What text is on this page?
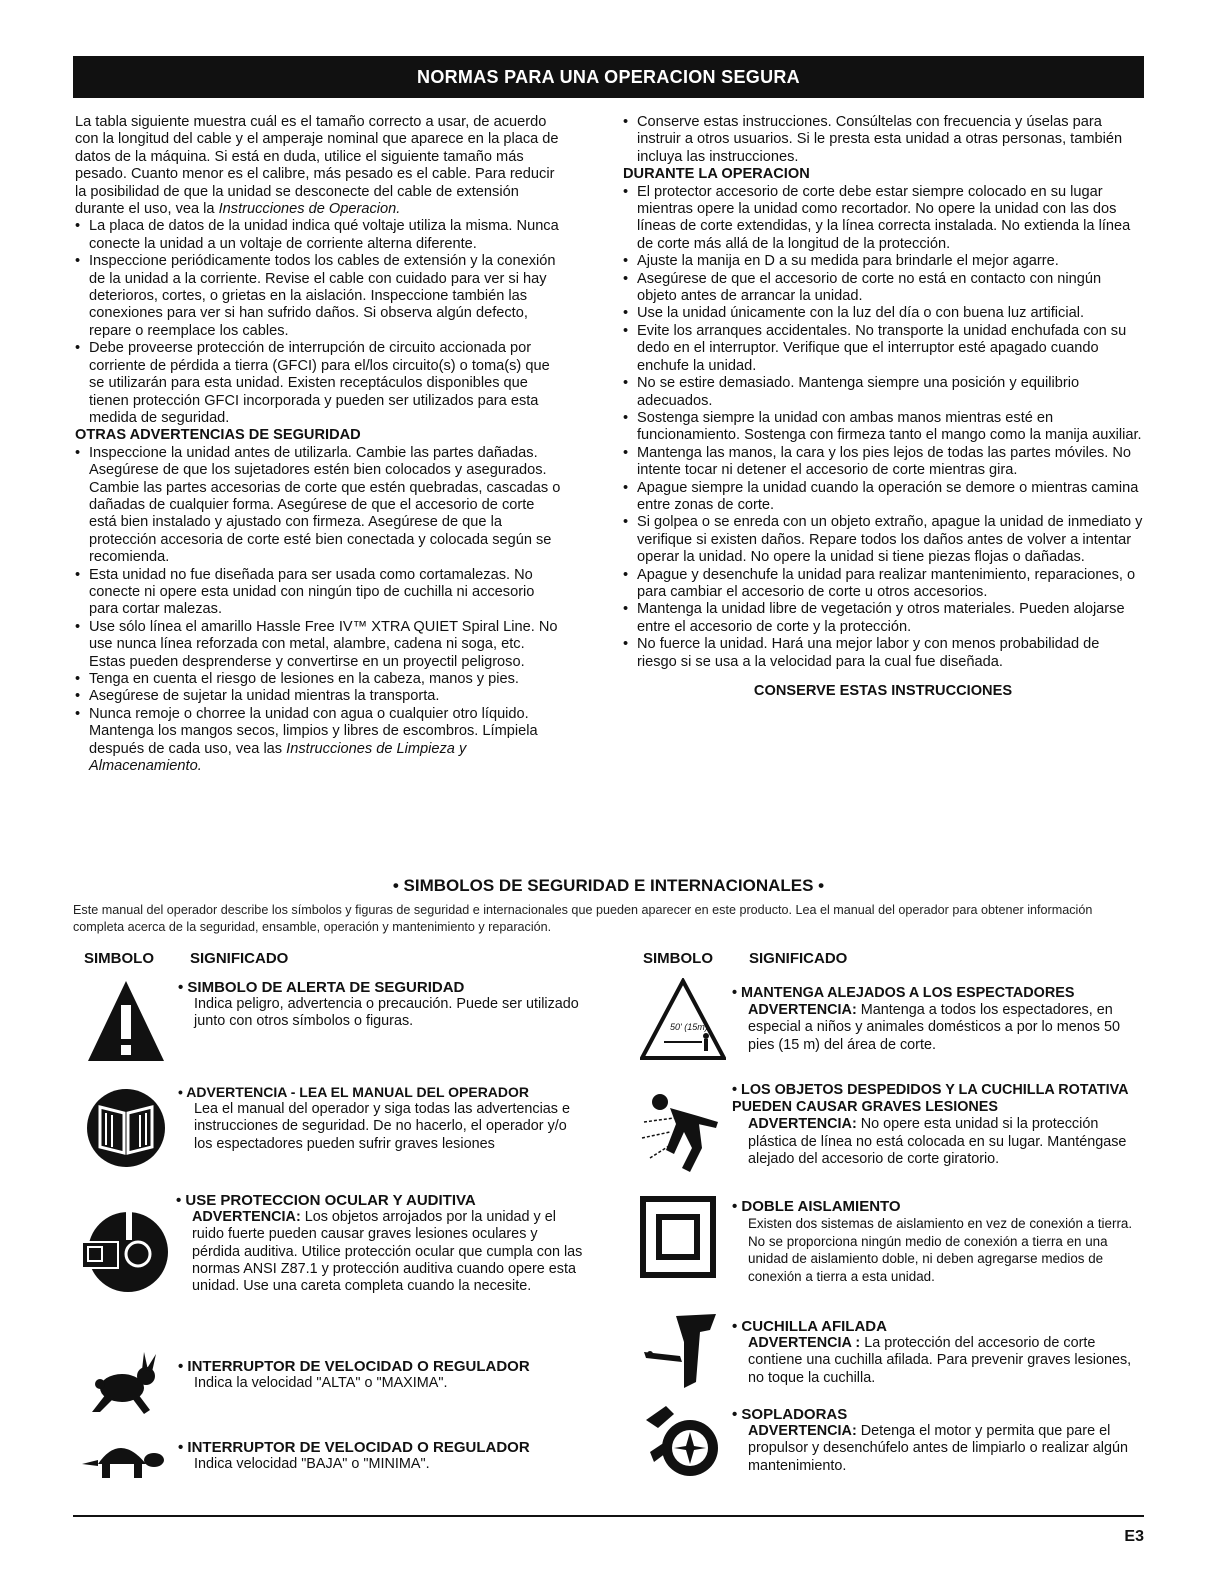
NORMAS PARA UNA OPERACION SEGURA

La tabla siguiente muestra cuál es el tamaño correcto a usar, de acuerdo con la longitud del cable y el amperaje nominal que aparece en la placa de datos de la máquina. Si está en duda, utilice el siguiente tamaño más pesado. Cuanto menor es el calibre, más pesado es el cable. Para reducir la posibilidad de que la unidad se desconecte del cable de extensión durante el uso, vea la Instrucciones de Operacion.

• La placa de datos de la unidad indica qué voltaje utiliza la misma. Nunca conecte la unidad a un voltaje de corriente alterna diferente.
• Inspeccione periódicamente todos los cables de extensión y la conexión de la unidad a la corriente. Revise el cable con cuidado para ver si hay deterioros, cortes, o grietas en la aislación. Inspeccione también las conexiones para ver si han sufrido daños. Si observa algún defecto, repare o reemplace los cables.
• Debe proveerse protección de interrupción de circuito accionada por corriente de pérdida a tierra (GFCI) para el/los circuito(s) o toma(s) que se utilizarán para esta unidad. Existen receptáculos disponibles que tienen protección GFCI incorporada y pueden ser utilizados para esta medida de seguridad.
OTRAS ADVERTENCIAS DE SEGURIDAD
• Inspeccione la unidad antes de utilizarla. Cambie las partes dañadas. Asegúrese de que los sujetadores estén bien colocados y asegurados. Cambie las partes accesorias de corte que estén quebradas, cascadas o dañadas de cualquier forma. Asegúrese de que el accesorio de corte está bien instalado y ajustado con firmeza. Asegúrese de que la protección accesoria de corte esté bien conectada y colocada según se recomienda.
• Esta unidad no fue diseñada para ser usada como cortamalezas. No conecte ni opere esta unidad con ningún tipo de cuchilla ni accesorio para cortar malezas.
• Use sólo línea el amarillo Hassle Free IV™ XTRA QUIET Spiral Line. No use nunca línea reforzada con metal, alambre, cadena ni soga, etc. Estas pueden desprenderse y convertirse en un proyectil peligroso.
• Tenga en cuenta el riesgo de lesiones en la cabeza, manos y pies.
• Asegúrese de sujetar la unidad mientras la transporta.
• Nunca remoje o chorree la unidad con agua o cualquier otro líquido. Mantenga los mangos secos, limpios y libres de escombros. Límpiela después de cada uso, vea las Instrucciones de Limpieza y Almacenamiento.
• Conserve estas instrucciones. Consúltelas con frecuencia y úselas para instruir a otros usuarios. Si le presta esta unidad a otras personas, también incluya las instrucciones.
DURANTE LA OPERACION
• El protector accesorio de corte debe estar siempre colocado en su lugar mientras opere la unidad como recortador. No opere la unidad con las dos líneas de corte extendidas, y la línea correcta instalada. No extienda la línea de corte más allá de la longitud de la protección.
• Ajuste la manija en D a su medida para brindarle el mejor agarre.
• Asegúrese de que el accesorio de corte no está en contacto con ningún objeto antes de arrancar la unidad.
• Use la unidad únicamente con la luz del día o con buena luz artificial.
• Evite los arranques accidentales. No transporte la unidad enchufada con su dedo en el interruptor. Verifique que el interruptor esté apagado cuando enchufe la unidad.
• No se estire demasiado. Mantenga siempre una posición y equilibrio adecuados.
• Sostenga siempre la unidad con ambas manos mientras esté en funcionamiento. Sostenga con firmeza tanto el mango como la manija auxiliar.
• Mantenga las manos, la cara y los pies lejos de todas las partes móviles. No intente tocar ni detener el accesorio de corte mientras gira.
• Apague siempre la unidad cuando la operación se demore o mientras camina entre zonas de corte.
• Si golpea o se enreda con un objeto extraño, apague la unidad de inmediato y verifique si existen daños. Repare todos los daños antes de volver a intentar operar la unidad. No opere la unidad si tiene piezas flojas o dañadas.
• Apague y desenchufe la unidad para realizar mantenimiento, reparaciones, o para cambiar el accesorio de corte u otros accesorios.
• Mantenga la unidad libre de vegetación y otros materiales. Pueden alojarse entre el accesorio de corte y la protección.
• No fuerce la unidad. Hará una mejor labor y con menos probabilidad de riesgo si se usa a la velocidad para la cual fue diseñada.
CONSERVE ESTAS INSTRUCCIONES
• SIMBOLOS DE SEGURIDAD E INTERNACIONALES •
Este manual del operador describe los símbolos y figuras de seguridad e internacionales que pueden aparecer en este producto. Lea el manual del operador para obtener información completa acerca de la seguridad, ensamble, operación y mantenimiento y reparación.
SIMBOLO SIGNIFICADO	SIMBOLO SIGNIFICADO
• SIMBOLO DE ALERTA DE SEGURIDAD
Indica peligro, advertencia o precaución. Puede ser utilizado junto con otros símbolos o figuras.
• ADVERTENCIA - LEA EL MANUAL DEL OPERADOR
Lea el manual del operador y siga todas las advertencias e instrucciones de seguridad. De no hacerlo, el operador y/o los espectadores pueden sufrir graves lesiones
• USE PROTECCION OCULAR Y AUDITIVA
ADVERTENCIA: Los objetos arrojados por la unidad y el ruido fuerte pueden causar graves lesiones oculares y pérdida auditiva. Utilice protección ocular que cumpla con las normas ANSI Z87.1 y protección auditiva cuando opere esta unidad. Use una careta completa cuando la necesite.
• INTERRUPTOR DE VELOCIDAD O REGULADOR
Indica la velocidad "ALTA" o "MAXIMA".
• INTERRUPTOR DE VELOCIDAD O REGULADOR
Indica velocidad "BAJA" o "MINIMA".
50' (15m)
• MANTENGA ALEJADOS A LOS ESPECTADORES
ADVERTENCIA: Mantenga a todos los espectadores, en especial a niños y animales domésticos a por lo menos 50 pies (15 m) del área de corte.
• LOS OBJETOS DESPEDIDOS Y LA CUCHILLA ROTATIVA PUEDEN CAUSAR GRAVES LESIONES
ADVERTENCIA: No opere esta unidad si la protección plástica de línea no está colocada en su lugar. Manténgase alejado del accesorio de corte giratorio.
• DOBLE AISLAMIENTO
Existen dos sistemas de aislamiento en vez de conexión a tierra. No se proporciona ningún medio de conexión a tierra en una unidad de aislamiento doble, ni deben agregarse medios de conexión a tierra a esta unidad.
• CUCHILLA AFILADA
ADVERTENCIA : La protección del accesorio de corte contiene una cuchilla afilada. Para prevenir graves lesiones, no toque la cuchilla.
• SOPLADORAS
ADVERTENCIA: Detenga el motor y permita que pare el propulsor y desenchúfelo antes de limpiarlo o realizar algún mantenimiento.
E3
